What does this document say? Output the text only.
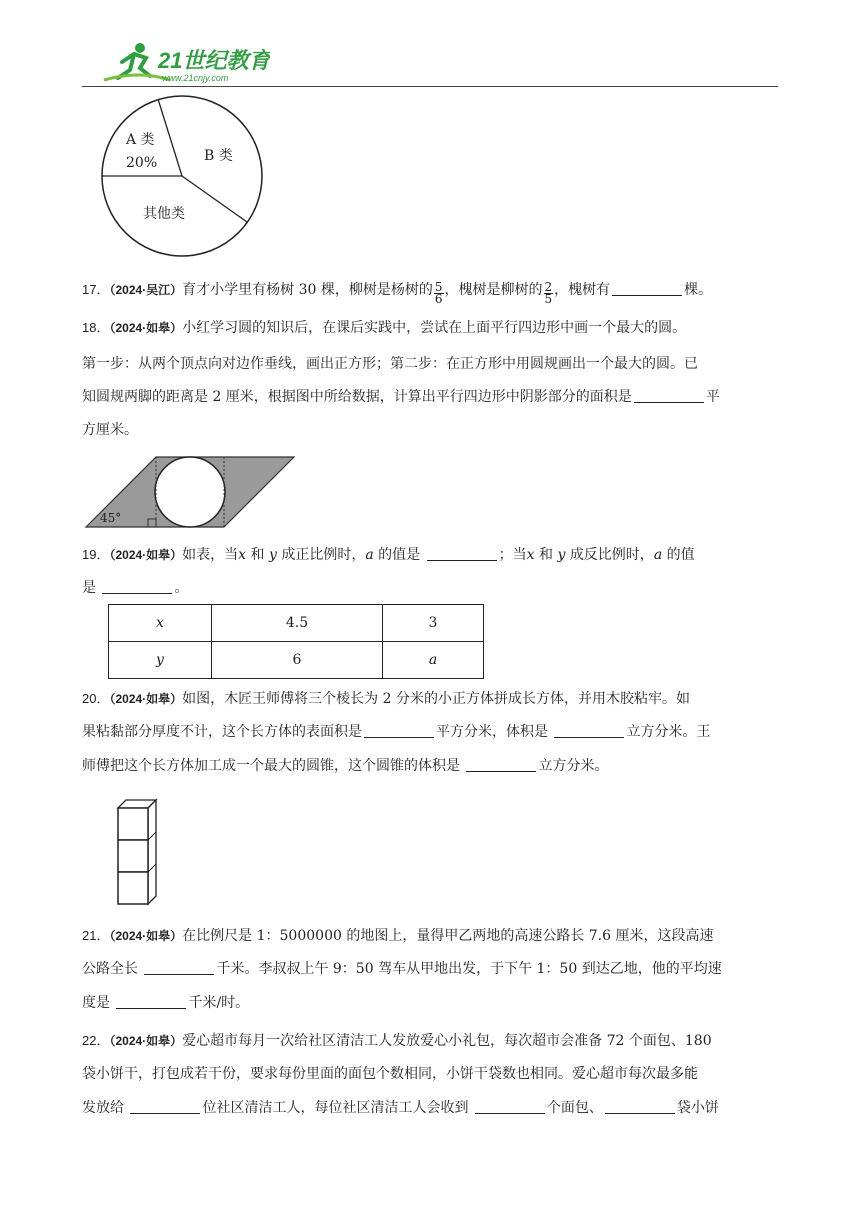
21世纪教育
www.21cnjy.com
A 类
20%	B 类
其他类
17．（2024·吴江）育才小学里有杨树 30 棵，柳树是杨树的 $\frac{5}{6}$ ，槐树是柳树的 $\frac{2}{5}$ ，槐树有	棵。
18．（2024·如皋）小红学习圆的知识后，在课后实践中，尝试在上面平行四边形中画一个最大的圆。
第一步：从两个顶点向对边作垂线，画出正方形；第二步：在正方形中用圆规画出一个最大的圆。已
知圆规两脚的距离是 2 厘米，根据图中所给数据，计算出平行四边形中阴影部分的面积是	平
方厘米。
45°
19．（2024·如皋）如表，当x 和 y 成正比例时，a 的值是	；当x 和 y 成反比例时，a 的值
是	。
x	4.5	3
y	6	a
20．（2024·如皋）如图，木匠王师傅将三个棱长为 2 分米的小正方体拼成长方体，并用木胶粘牢。如
果粘黏部分厚度不计，这个长方体的表面积是	平方分米，体积是	立方分米。王
师傅把这个长方体加工成一个最大的圆锥，这个圆锥的体积是	立方分米。
21．（2024·如皋）在比例尺是 1：5000000 的地图上，量得甲乙两地的高速公路长 7.6 厘米，这段高速
公路全长	千米。李叔叔上午 9：50 驾车从甲地出发，于下午 1：50 到达乙地，他的平均速
度是	千米/时。
22．（2024·如皋）爱心超市每月一次给社区清洁工人发放爱心小礼包，每次超市会准备 72 个面包、180
袋小饼干，打包成若干份，要求每份里面的面包个数相同，小饼干袋数也相同。爱心超市每次最多能
发放给	位社区清洁工人，每位社区清洁工人会收到	个面包、	袋小饼
